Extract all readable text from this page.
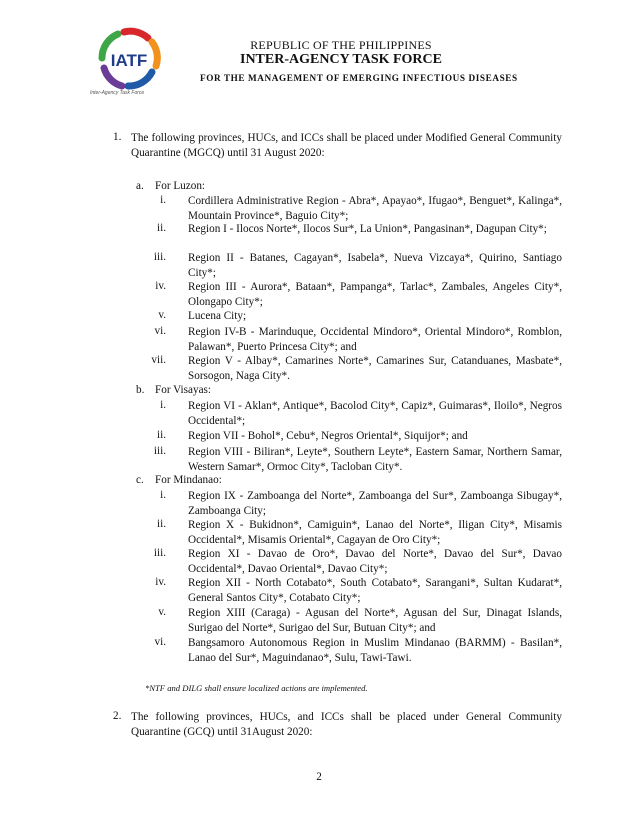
IATF
Inter-Agency Task Force
REPUBLIC OF THE PHILIPPINES
INTER-AGENCY TASK FORCE
FOR THE MANAGEMENT OF EMERGING INFECTIOUS DISEASES
1. The following provinces, HUCs, and ICCs shall be placed under Modified General Community Quarantine (MGCQ) until 31 August 2020:
a. For Luzon:
i. Cordillera Administrative Region - Abra*, Apayao*, Ifugao*, Benguet*, Kalinga*, Mountain Province*, Baguio City*;
ii. Region I - Ilocos Norte*, Ilocos Sur*, La Union*, Pangasinan*, Dagupan City*;
iii. Region II - Batanes, Cagayan*, Isabela*, Nueva Vizcaya*, Quirino, Santiago City*;
iv. Region III - Aurora*, Bataan*, Pampanga*, Tarlac*, Zambales, Angeles City*, Olongapo City*;
v. Lucena City;
vi. Region IV-B - Marinduque, Occidental Mindoro*, Oriental Mindoro*, Romblon, Palawan*, Puerto Princesa City*; and
vii. Region V - Albay*, Camarines Norte*, Camarines Sur, Catanduanes, Masbate*, Sorsogon, Naga City*.
b. For Visayas:
i. Region VI - Aklan*, Antique*, Bacolod City*, Capiz*, Guimaras*, Iloilo*, Negros Occidental*;
ii. Region VII - Bohol*, Cebu*, Negros Oriental*, Siquijor*; and
iii. Region VIII - Biliran*, Leyte*, Southern Leyte*, Eastern Samar, Northern Samar, Western Samar*, Ormoc City*, Tacloban City*.
c. For Mindanao:
i. Region IX - Zamboanga del Norte*, Zamboanga del Sur*, Zamboanga Sibugay*, Zamboanga City;
ii. Region X - Bukidnon*, Camiguin*, Lanao del Norte*, Iligan City*, Misamis Occidental*, Misamis Oriental*, Cagayan de Oro City*;
iii. Region XI - Davao de Oro*, Davao del Norte*, Davao del Sur*, Davao Occidental*, Davao Oriental*, Davao City*;
iv. Region XII - North Cotabato*, South Cotabato*, Sarangani*, Sultan Kudarat*, General Santos City*, Cotabato City*;
v. Region XIII (Caraga) - Agusan del Norte*, Agusan del Sur, Dinagat Islands, Surigao del Norte*, Surigao del Sur, Butuan City*; and
vi. Bangsamoro Autonomous Region in Muslim Mindanao (BARMM) - Basilan*, Lanao del Sur*, Maguindanao*, Sulu, Tawi-Tawi.
*NTF and DILG shall ensure localized actions are implemented.
2. The following provinces, HUCs, and ICCs shall be placed under General Community Quarantine (GCQ) until 31August 2020:
2
